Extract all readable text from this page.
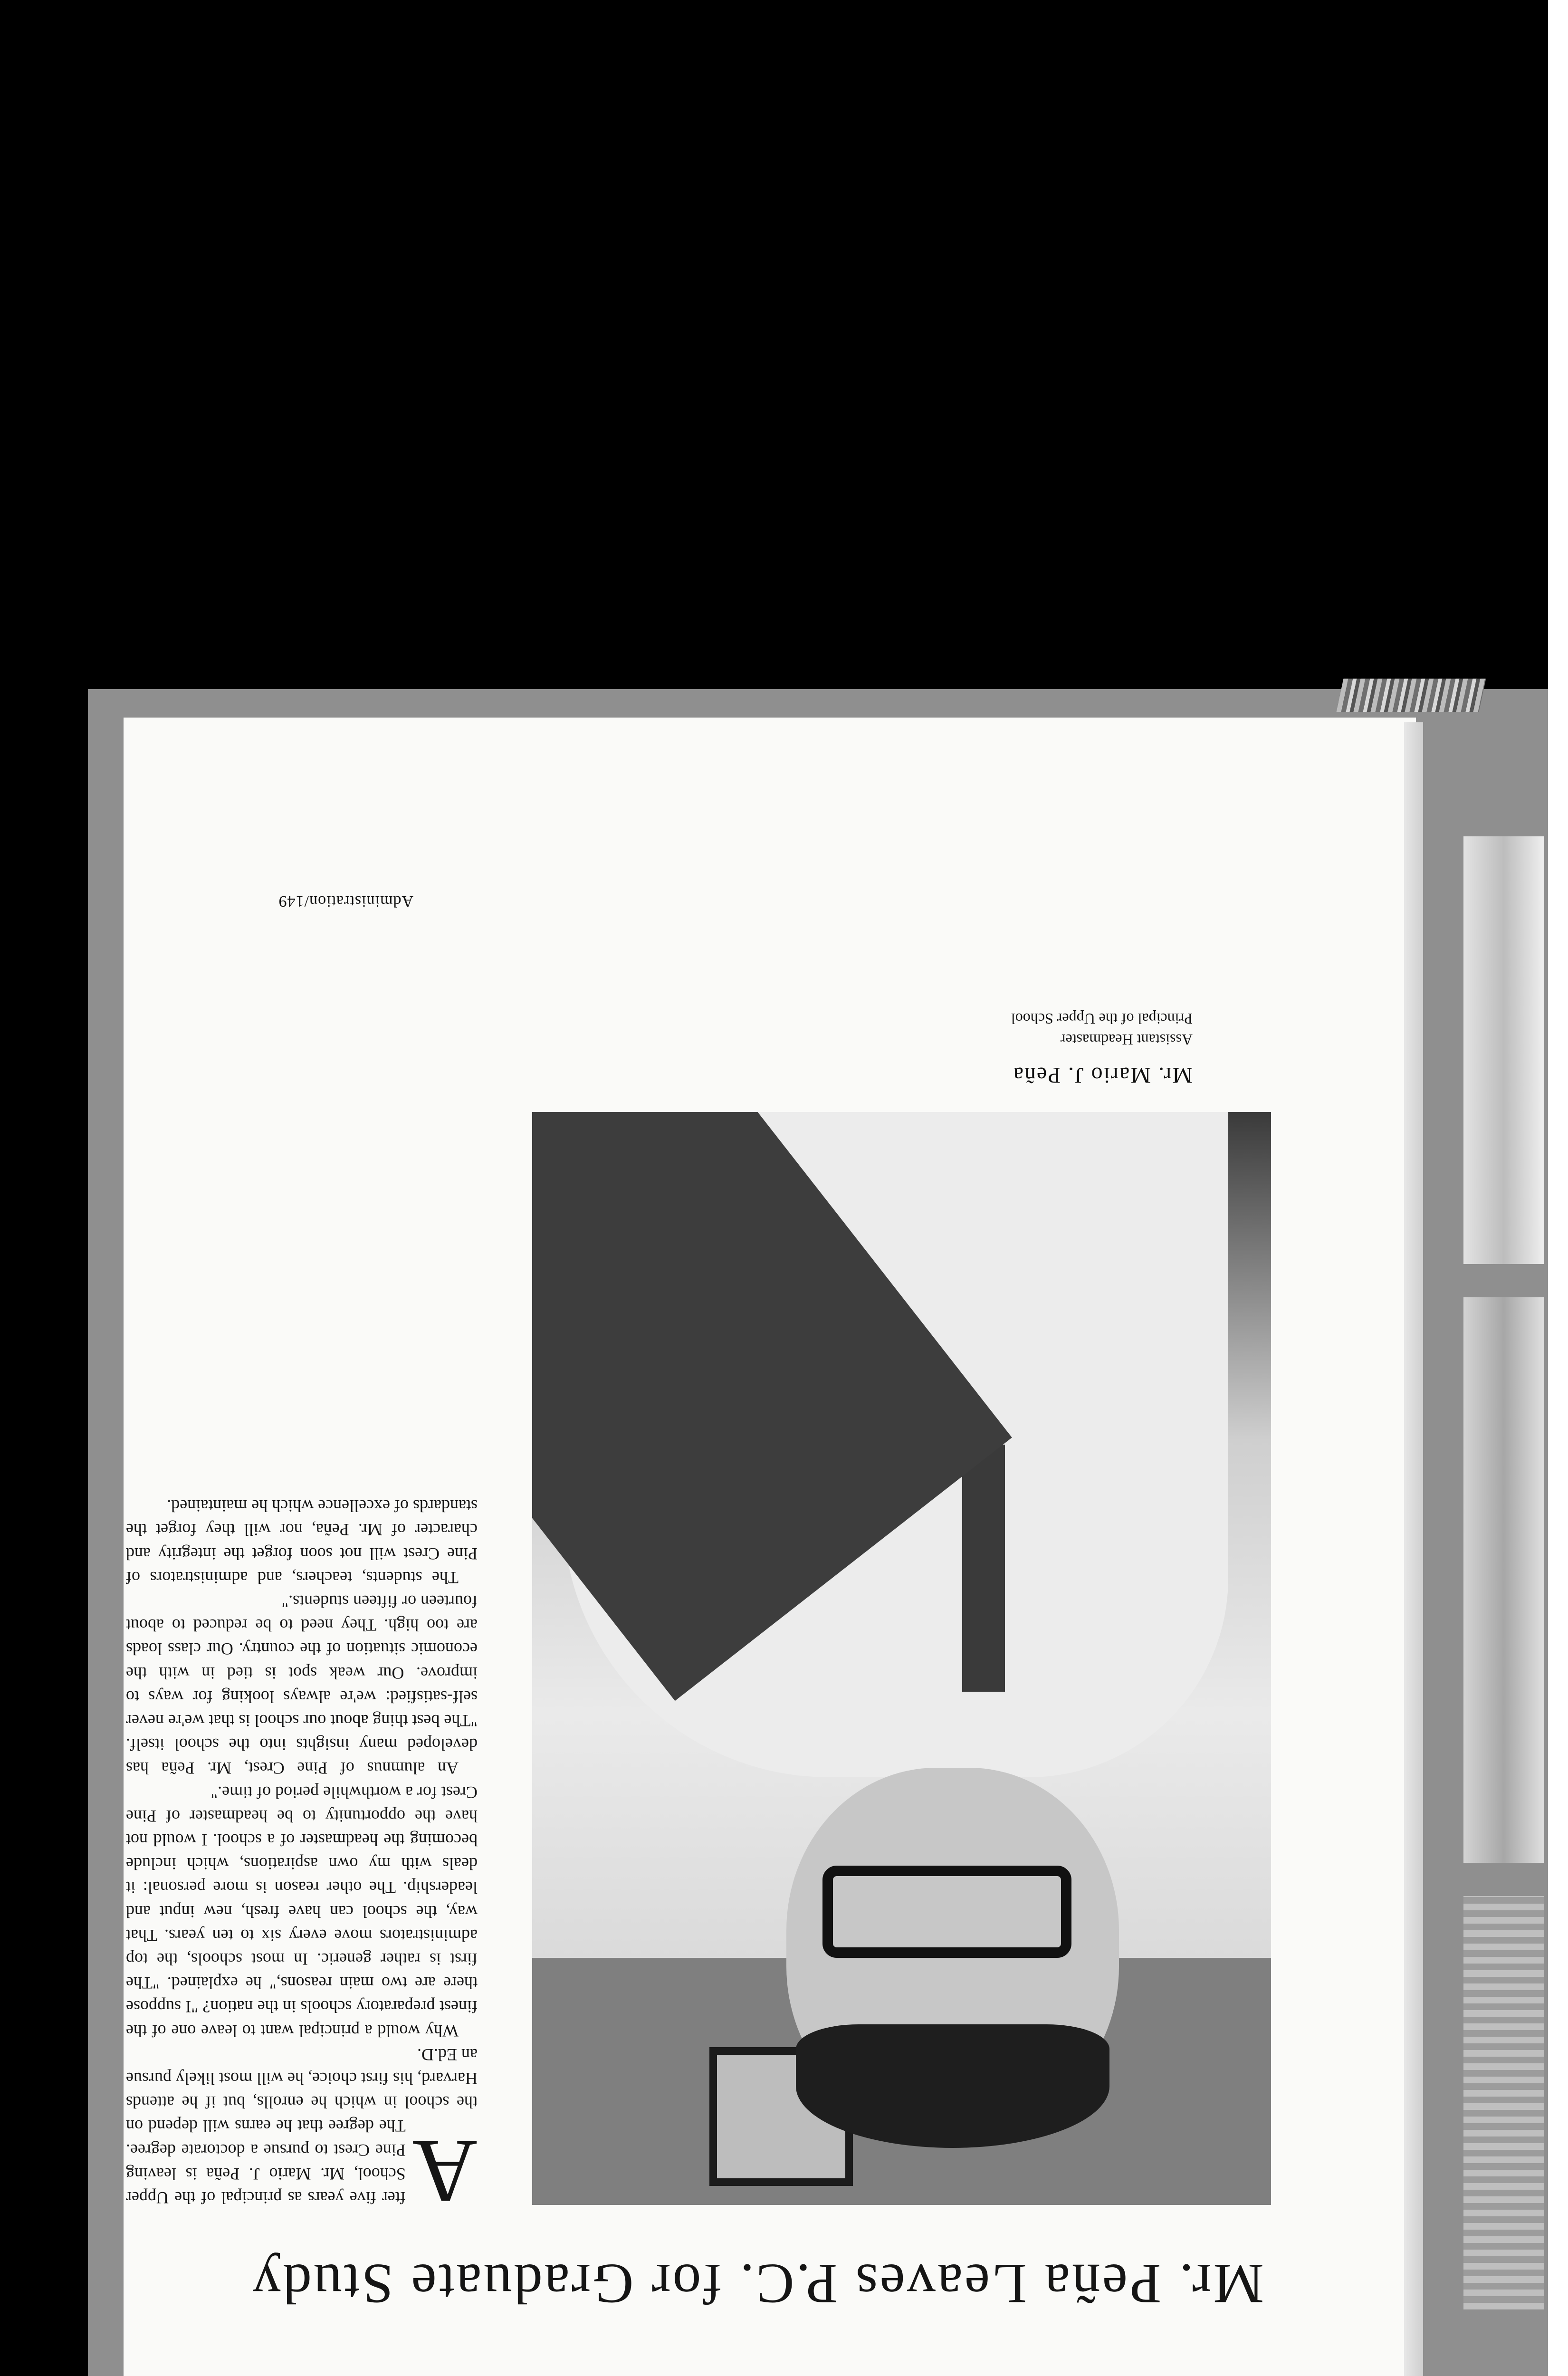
Mr. Peña Leaves P.C. for Graduate Study
Mr. Mario J. Peña
Assistant Headmaster
Principal of the Upper School

A
fter five years as principal of the Upper School, Mr. Mario J. Peña is leaving Pine Crest to pursue a doctorate degree. The degree that he earns will depend on the school in which he enrolls, but if he attends Harvard, his first choice, he will most likely pursue an Ed.D.

Why would a principal want to leave one of the finest preparatory schools in the nation? "I suppose there are two main reasons," he explained. "The first is rather generic. In most schools, the top administrators move every six to ten years. That way, the school can have fresh, new input and leadership. The other reason is more personal: it deals with my own aspirations, which include becoming the headmaster of a school. I would not have the opportunity to be headmaster of Pine Crest for a worthwhile period of time."

An alumnus of Pine Crest, Mr. Peña has developed many insights into the school itself. "The best thing about our school is that we're never self-satisfied: we're always looking for ways to improve. Our weak spot is tied in with the economic situation of the country. Our class loads are too high. They need to be reduced to about fourteen or fifteen students."

The students, teachers, and administrators of Pine Crest will not soon forget the integrity and character of Mr. Peña, nor will they forget the standards of excellence which he maintained.

Administration/149
